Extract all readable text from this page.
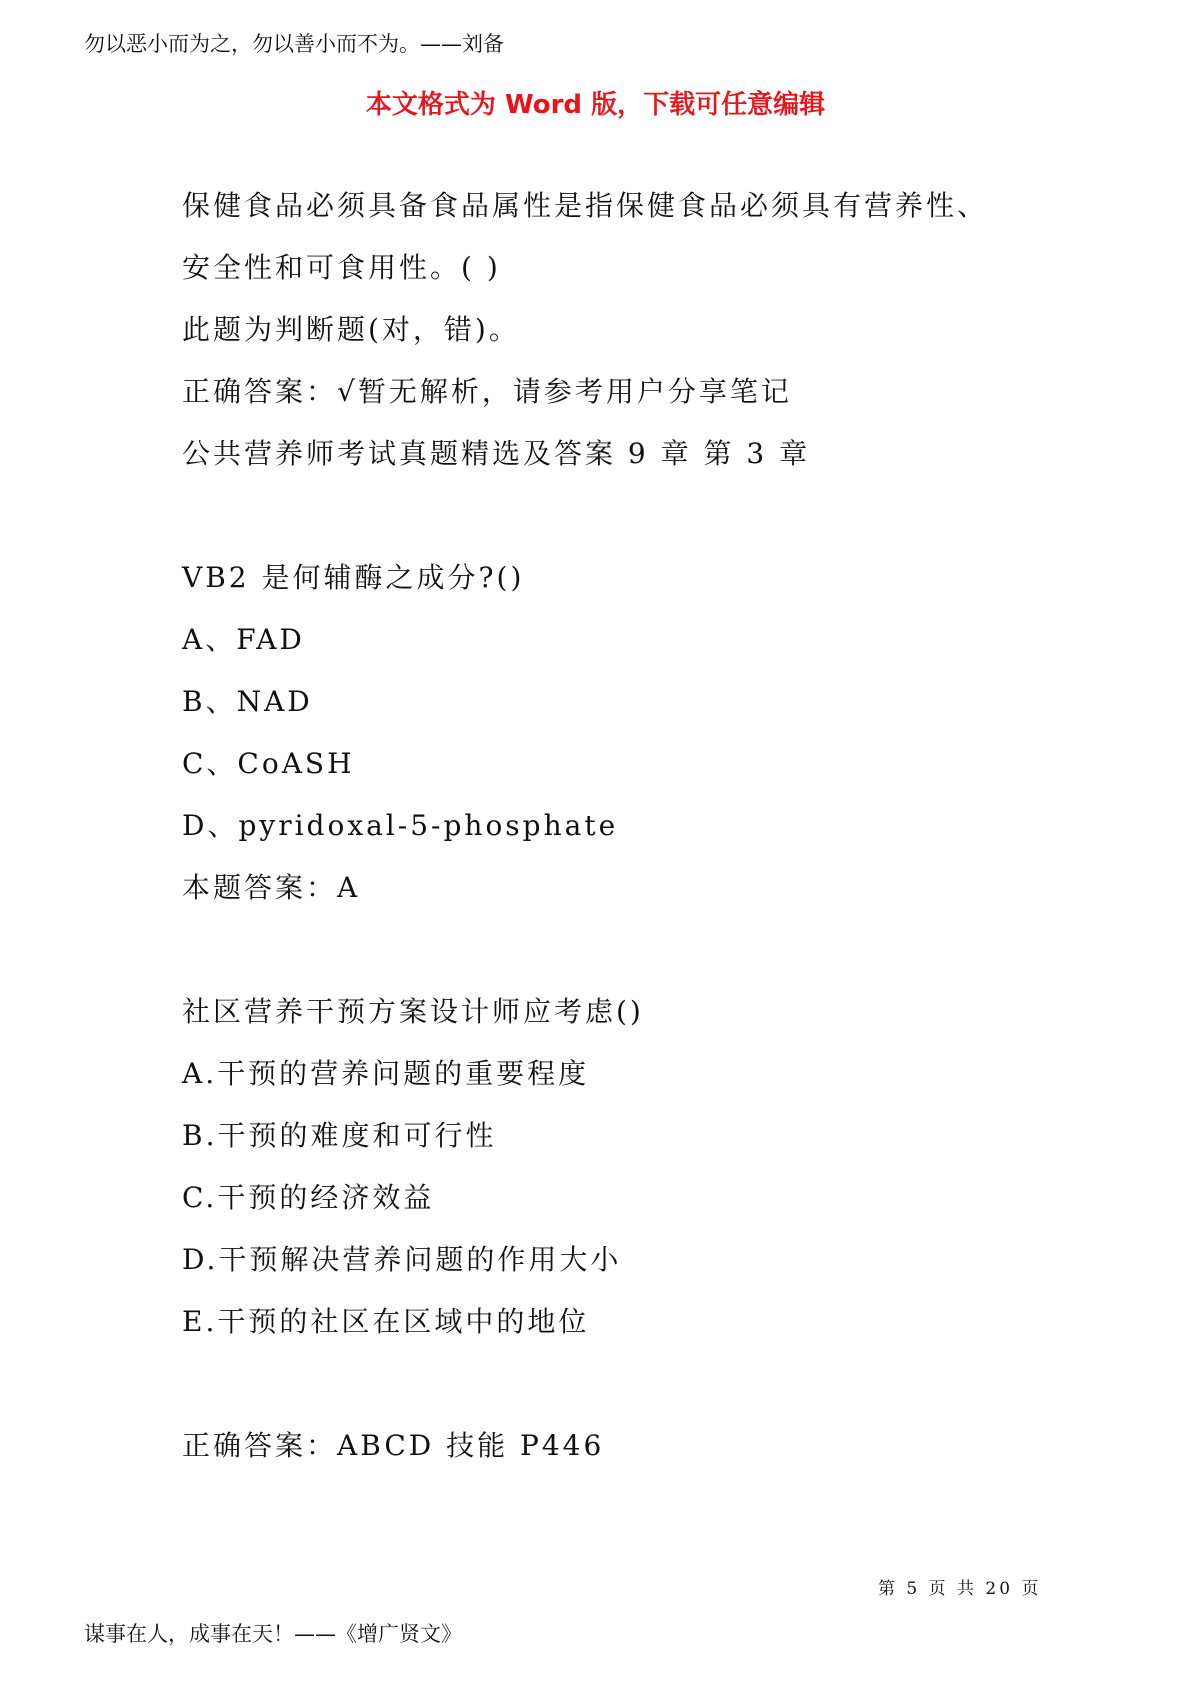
勿以恶小而为之，勿以善小而不为。——刘备
本文格式为 Word 版，下载可任意编辑
保健食品必须具备食品属性是指保健食品必须具有营养性、
安全性和可食用性。( )
此题为判断题(对，错)。
正确答案：√暂无解析，请参考用户分享笔记
公共营养师考试真题精选及答案 9 章 第 3 章
VB2 是何辅酶之成分?()
A、FAD
B、NAD
C、CoASH
D、pyridoxal-5-phosphate
本题答案：A
社区营养干预方案设计师应考虑()
A.干预的营养问题的重要程度
B.干预的难度和可行性
C.干预的经济效益
D.干预解决营养问题的作用大小
E.干预的社区在区域中的地位
正确答案：ABCD 技能 P446
第 5 页 共 20 页
谋事在人，成事在天！——《增广贤文》
